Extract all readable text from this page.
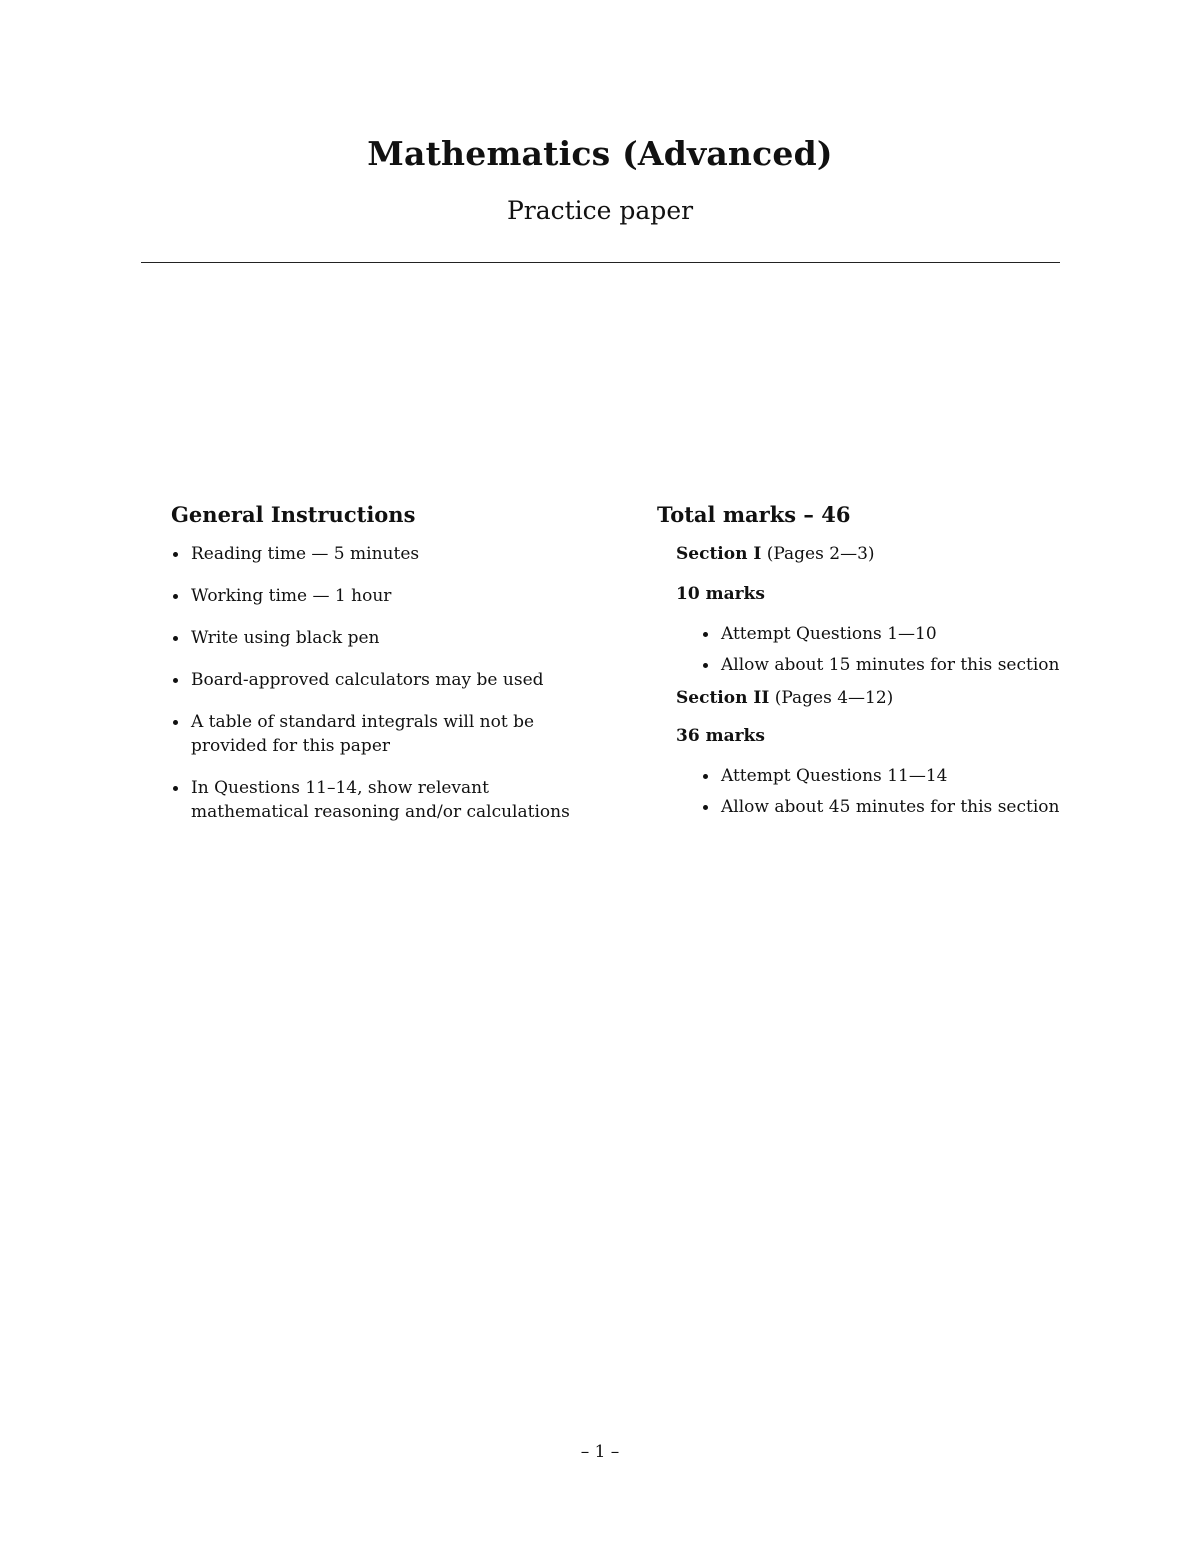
Mathematics (Advanced)
Practice paper
General Instructions
Reading time — 5 minutes
Working time — 1 hour
Write using black pen
Board-approved calculators may be used
A table of standard integrals will not be provided for this paper
In Questions 11–14, show relevant mathematical reasoning and/or calculations
Total marks – 46
Section I (Pages 2—3)
10 marks
Attempt Questions 1—10
Allow about 15 minutes for this section
Section II (Pages 4—12)
36 marks
Attempt Questions 11—14
Allow about 45 minutes for this section
– 1 –
